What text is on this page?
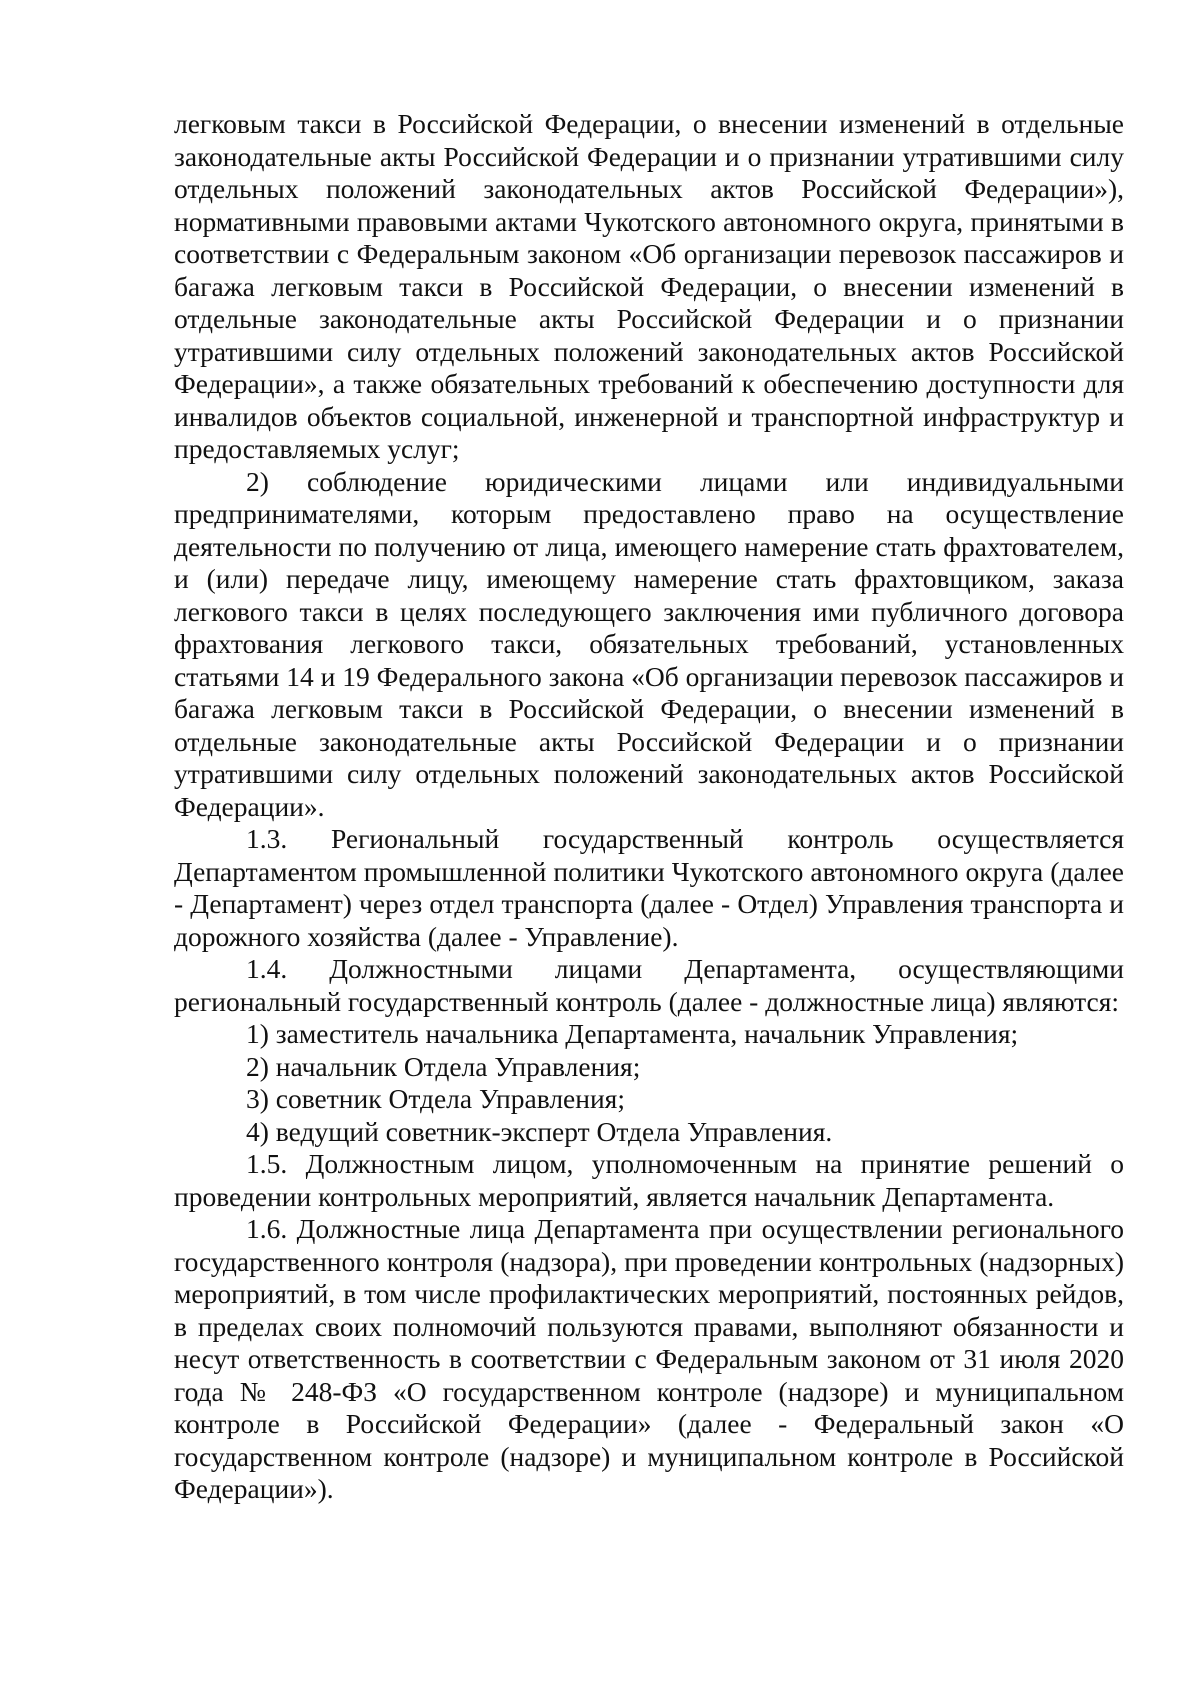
легковым такси в Российской Федерации, о внесении изменений в отдельные законодательные акты Российской Федерации и о признании утратившими силу отдельных положений законодательных актов Российской Федерации»), нормативными правовыми актами Чукотского автономного округа, принятыми в соответствии с Федеральным законом «Об организации перевозок пассажиров и багажа легковым такси в Российской Федерации, о внесении изменений в отдельные законодательные акты Российской Федерации и о признании утратившими силу отдельных положений законодательных актов Российской Федерации», а также обязательных требований к обеспечению доступности для инвалидов объектов социальной, инженерной и транспортной инфраструктур и предоставляемых услуг;

2) соблюдение юридическими лицами или индивидуальными предпринимателями, которым предоставлено право на осуществление деятельности по получению от лица, имеющего намерение стать фрахтователем, и (или) передаче лицу, имеющему намерение стать фрахтовщиком, заказа легкового такси в целях последующего заключения ими публичного договора фрахтования легкового такси, обязательных требований, установленных статьями 14 и 19 Федерального закона «Об организации перевозок пассажиров и багажа легковым такси в Российской Федерации, о внесении изменений в отдельные законодательные акты Российской Федерации и о признании утратившими силу отдельных положений законодательных актов Российской Федерации».

1.3. Региональный государственный контроль осуществляется Департаментом промышленной политики Чукотского автономного округа (далее - Департамент) через отдел транспорта (далее - Отдел) Управления транспорта и дорожного хозяйства (далее - Управление).

1.4. Должностными лицами Департамента, осуществляющими региональный государственный контроль (далее - должностные лица) являются:

1) заместитель начальника Департамента, начальник Управления;

2) начальник Отдела Управления;

3) советник Отдела Управления;

4) ведущий советник-эксперт Отдела Управления.

1.5. Должностным лицом, уполномоченным на принятие решений о проведении контрольных мероприятий, является начальник Департамента.

1.6. Должностные лица Департамента при осуществлении регионального государственного контроля (надзора), при проведении контрольных (надзорных) мероприятий, в том числе профилактических мероприятий, постоянных рейдов, в пределах своих полномочий пользуются правами, выполняют обязанности и несут ответственность в соответствии с Федеральным законом от 31 июля 2020 года № 248-ФЗ «О государственном контроле (надзоре) и муниципальном контроле в Российской Федерации» (далее - Федеральный закон «О государственном контроле (надзоре) и муниципальном контроле в Российской Федерации»).
